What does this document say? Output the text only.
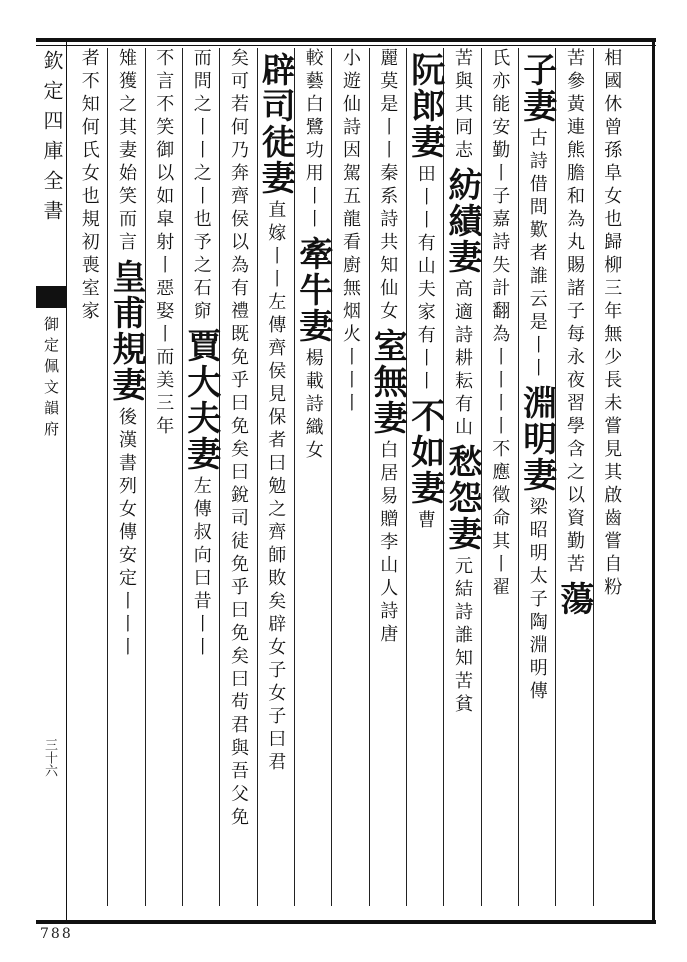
欽定四庫全書
御定佩文韻府
三十六
788
相國休曾孫阜女也歸柳三年無少長未嘗見其啟齒嘗自粉
苦參黃連熊膽和為丸賜諸子每永夜習學含之以資勤苦
蕩
子妻
古詩借問歎者誰云是丨丨
淵明妻
梁昭明太子陶淵明傳
氏亦能安勤
丨子嘉詩失計翻為丨丨
丨丨不應徵命其丨翟
苦與其同志
紡績妻
高適詩耕耘有山
愁怨妻
元結詩誰知苦貧
阮郎妻
田丨丨有山
夫家有丨丨
不如妻
曹
麗莫是丨丨
秦系詩共知仙女
室無妻
白居易贈李山人詩
唐
小遊仙詩因駕五龍看
廚無烟火丨丨丨
較藝白鷺功用丨丨
牽牛妻
楊載詩織女
辟司徒妻
直嫁丨丨
左傳齊侯見保者曰勉之齊師敗矣辟女子女子曰君
矣可若何乃奔齊侯以為有禮既
免乎曰免矣曰銳司徒免乎曰免矣曰苟君與吾父免
而問之丨丨之丨也予之石窌
賈大夫妻
左傳叔向曰昔丨丨
不言不笑御以如皐射
丨惡娶丨而美三年
雉獲之其妻始笑而言
皇甫規妻
後漢書列女傳安定丨丨丨
者不知何氏女也規初喪室家
